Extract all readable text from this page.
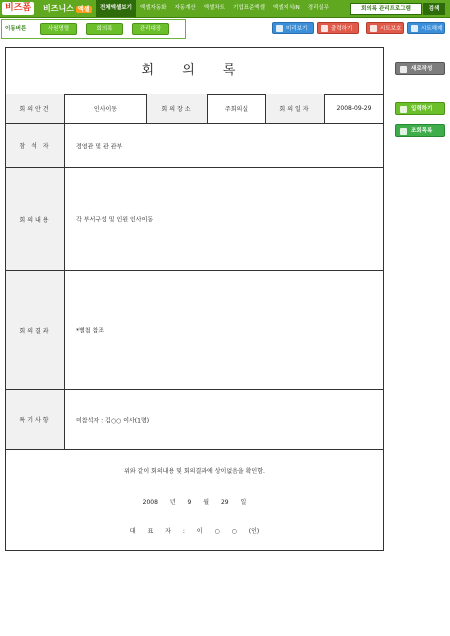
비즈폼	비즈니스 엑셀	전체엑셀보기	엑셀자동화	자동계산	엑셀차트	기업표준엑셀	엑셀지식iN	경리실무	회의록 관리프로그램	검색
이동버튼	사원명렬	회의록	관리대장	미리보기	출력하기	시트보호	시트해제
새로작성
입력하기
조회목록
회 의 록
회의안건	인사이동	회의장소	주회의실	회의일자	2008-09-29
참 석 자	경영관 및 관 관부
회의내용	각 부서구성 및 인원 인사이동
회의결과	*별첨 참조
특기사항	미참석자 : 김○○ 이사(1명)
위와 같이 회의내용 및 회의결과에 상이없음을 확인함.
2008 년 9 월 29 일
대 표 자 : 이 ○ ○ (인)
